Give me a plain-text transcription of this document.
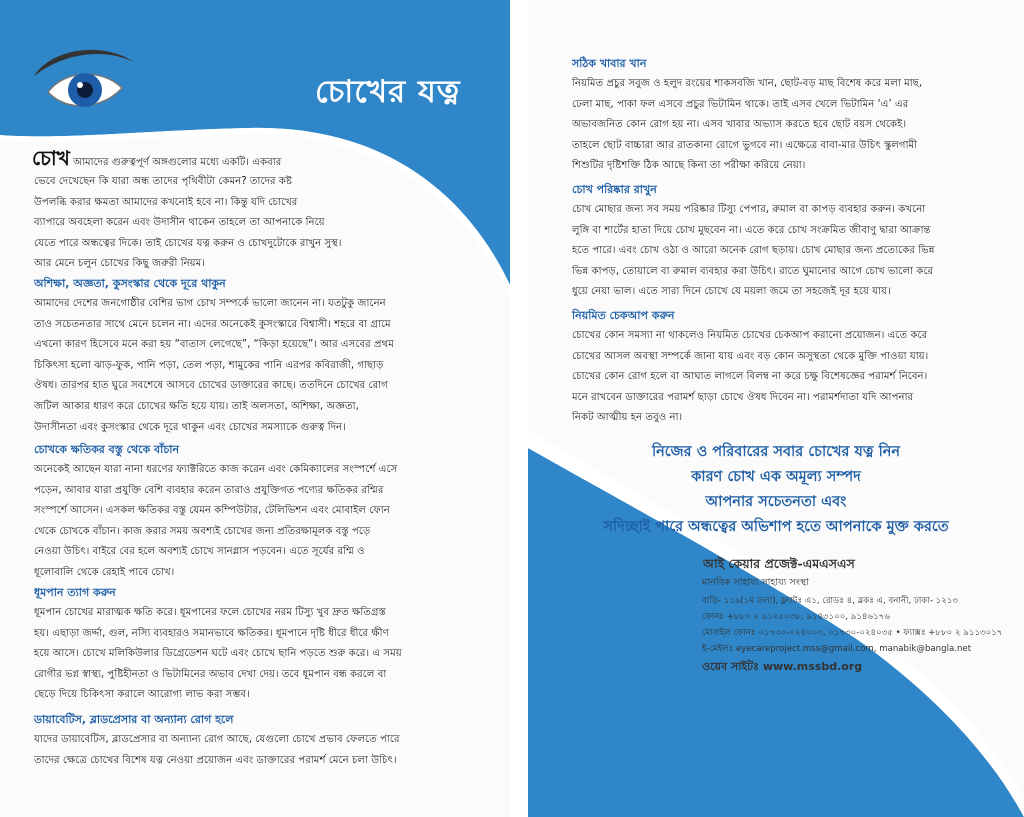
চোখের যত্ন

চোখ আমাদের গুরুত্বপূর্ণ অঙ্গগুলোর মধ্যে একটি। একবার

ভেবে দেখেছেন কি যারা অন্ধ তাদের পৃথিবীটা কেমন? তাদের কষ্ট

উপলব্ধি করার ক্ষমতা আমাদের কখনোই হবে না। কিন্তু যদি চোখের

ব্যাপারে অবহেলা করেন এবং উদাসীন থাকেন তাহলে তা আপনাকে নিয়ে

যেতে পারে অন্ধত্বের দিকে। তাই চোখের যত্ন করুন ও চোখদুটোকে রাখুন সুস্থ।

আর মেনে চলুন চোখের কিছু জরুরী নিয়ম।

অশিক্ষা, অজ্ঞতা, কুসংস্কার থেকে দূরে থাকুন

আমাদের দেশের জনগোষ্ঠীর বেশির ভাগ চোখ সম্পর্কে ভালো জানেন না। যতটুকু জানেন

তাও সচেতনতার সাথে মেনে চলেন না। এদের অনেকেই কুসংস্কারে বিশ্বাসী। শহরে বা গ্রামে

এখনো কারণ হিসেবে মনে করা হয় “বাতাস লেগেছে”, “কিড়া হয়েছে”। আর এসবের প্রথম

চিকিৎসা হলো ঝাড়-ফুক, পানি পড়া, তেল পড়া, শামুকের পানি এরপর কবিরাজী, গাছাড়

ঔষধ। তারপর হাত ঘুরে সবশেষে আসবে চোখের ডাক্তারের কাছে। ততদিনে চোখের রোগ

জটিল আকার ধারণ করে চোখের ক্ষতি হয়ে যায়। তাই অলসতা, অশিক্ষা, অজ্ঞতা,

উদাসীনতা এবং কুসংস্কার থেকে দূরে থাকুন এবং চোখের সমস্যাকে গুরুত্ব দিন।

চোখকে ক্ষতিকর বস্তু থেকে বাঁচান

অনেকেই আছেন যারা নানা ধরণের ফ্যাক্টরিতে কাজ করেন এবং কেমিক্যালের সংস্পর্শে এসে

পড়েন, আবার যারা প্রযুক্তি বেশি ব্যবহার করেন তারাও প্রযুক্তিগত পণ্যের ক্ষতিকর রশ্মির

সংস্পর্শে আসেন। এসকল ক্ষতিকর বস্তু যেমন কম্পিউটার, টেলিভিশন এবং মোবাইল ফোন

থেকে চোখকে বাঁচান। কাজ করার সময় অবশ্যই চোখের জন্য প্রতিরক্ষামূলক বস্তু পড়ে

নেওয়া উচিৎ। বাইরে বের হলে অবশ্যই চোখে সানগ্লাস পড়বেন। এতে সূর্যের রশ্মি ও

ধূলোবালি থেকে রেহাই পাবে চোখ।

ধূমপান ত্যাগ করুন

ধূমপান চোখের মারাত্মক ক্ষতি করে। ধূমপানের ফলে চোখের নরম টিস্যু খুব দ্রুত ক্ষতিগ্রস্ত

হয়। এছাড়া জর্দ্দা, গুল, নস্যি ব্যবহারও সমানভাবে ক্ষতিকর। ধূমপানে দৃষ্টি ধীরে ধীরে ক্ষীণ

হয়ে আসে। চোখে মলিকিউলার ডিগ্রেডেশন ঘটে এবং চোখে ছানি পড়তে শুরু করে। এ সময়

রোগীর ভগ্ন স্বাস্থ্য, পুষ্টিহীনতা ও ভিটামিনের অভাব দেখা দেয়। তবে ধূমপান বন্ধ করলে বা

ছেড়ে দিয়ে চিকিৎসা করালে আরোগ্য লাভ করা সম্ভব।

ডায়াবেটিস, ব্লাডপ্রেসার বা অন্যান্য রোগ হলে

যাদের ডায়াবেটিস, ব্লাডপ্রেসার বা অন্যান্য রোগ আছে, যেগুলো চোখে প্রভাব ফেলতে পারে

তাদের ক্ষেত্রে চোখের বিশেষ যত্ন নেওয়া প্রয়োজন এবং ডাক্তারের পরামর্শ মেনে চলা উচিৎ।

সঠিক খাবার খান

নিয়মিত প্রচুর সবুজ ও হলুদ রংয়ের শাকসবজি খান, ছোট-বড় মাছ বিশেষ করে মলা মাছ,

ঢেলা মাছ, পাকা ফল এসবে প্রচুর ভিটামিন থাকে। তাই এসব খেলে ভিটামিন ‘এ’ এর

অভাবজনিত কোন রোগ হয় না। এসব খাবার অভ্যাস করতে হবে ছোট বয়স থেকেই।

তাহলে ছোট বাচ্চারা আর রাতকানা রোগে ভুগবে না। এক্ষেত্রে বাবা-মার উচিৎ স্কুলগামী

শিশুটির দৃষ্টিশক্তি ঠিক আছে কিনা তা পরীক্ষা করিয়ে নেয়া।

চোখ পরিষ্কার রাখুন

চোখ মোছার জন্য সব সময় পরিষ্কার টিস্যু পেপার, রুমাল বা কাপড় ব্যবহার করুন। কখনো

লুঙ্গি বা শার্টের হাতা দিয়ে চোখ মুছবেন না। এতে করে চোখ সংক্রমিত জীবাণু দ্বারা আক্রান্ত

হতে পারে। এবং চোখ ওঠা ও আরো অনেক রোগ ছড়ায়। চোখ মোছার জন্য প্রত্যেকের ভিন্ন

ভিন্ন কাপড়, তোয়ালে বা রুমাল ব্যবহার করা উচিৎ। রাতে ঘুমানোর আগে চোখ ভালো করে

ধুয়ে নেয়া ভাল। এতে সারা দিনে চোখে যে ময়লা জমে তা সহজেই দূর হয়ে যায়।

নিয়মিত চেকআপ করুন

চোখের কোন সমস্যা না থাকলেও নিয়মিত চোখের চেকআপ করানো প্রয়োজন। এতে করে

চোখের আসল অবস্থা সম্পর্কে জানা যায় এবং বড় কোন অসুস্থতা থেকে মুক্তি পাওয়া যায়।

চোখের কোন রোগ হলে বা আঘাত লাগলে বিলম্ব না করে চক্ষু বিশেষজ্ঞের পরামর্শ নিবেন।

মনে রাখবেন ডাক্তারের পরামর্শ ছাড়া চোখে ঔষধ দিবেন না। পরামর্শদাতা যদি আপনার

নিকট আত্মীয় হন তবুও না।

নিজের ও পরিবারের সবার চোখের যত্ন নিন

কারণ চোখ এক অমূল্য সম্পদ

আপনার সচেতনতা এবং

সদিচ্ছাই পারে অন্ধত্বের অভিশাপ হতে আপনাকে মুক্ত করতে

আই কেয়ার প্রজেক্ট-এমএসএস

মানবিক সাহায্য সাহায্য সংস্থা

বাড়ি- ১১৯(১ম তলা), ফ্ল্যাটঃ এ১, রোডঃ ৪, ব্লকঃ এ, বনানী, ঢাকা- ১২১৩

ফোনঃ +৮৮০ ২ ৯১২৫০৩৮, ৯১৪৩১০০, ৯১৪৬১৭৬

মোবাইল ফোনঃ ০১৭৩০-০২৪০০৩, ০১৭৩০-০২৪০৩৫ • ফ্যাক্সঃ +৮৮০ ২ ৯১১৩০১৭

ই-মেইলঃ eyecareproject.mss@gmail.com, manabik@bangla.net

ওয়েব সাইটঃ www.mssbd.org
